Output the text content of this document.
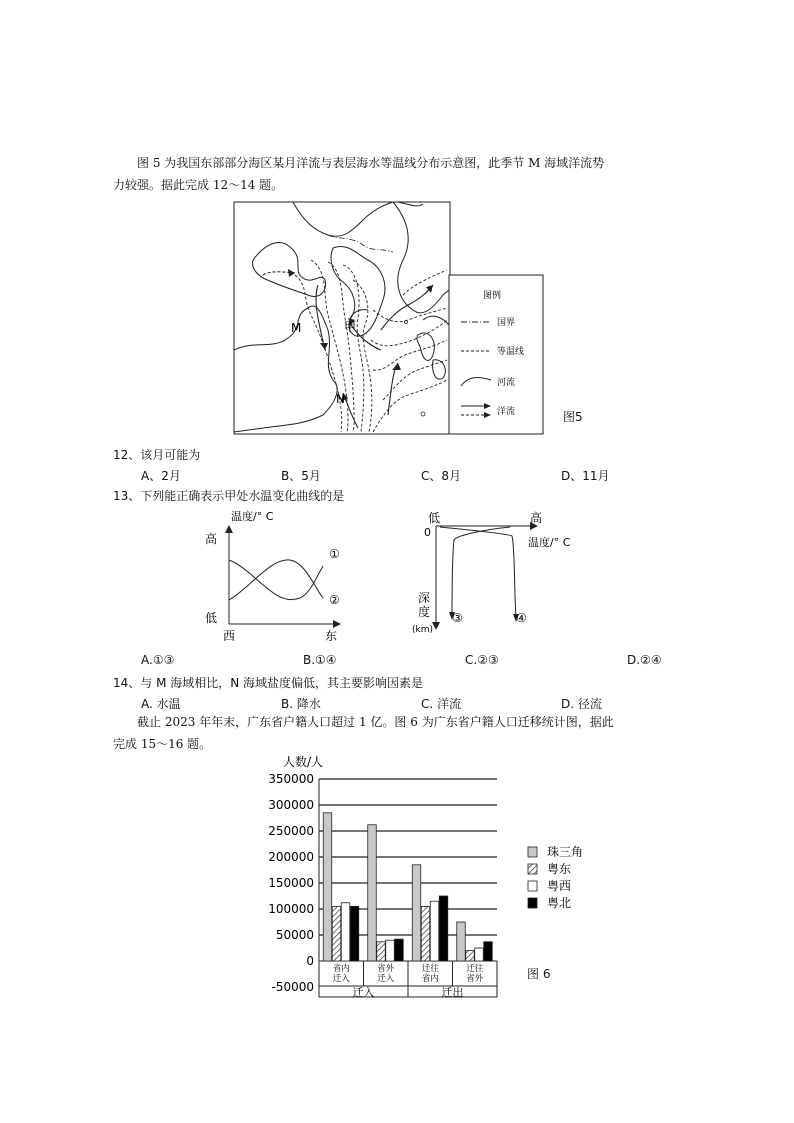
图 5 为我国东部部分海区某月洋流与表层海水等温线分布示意图，此季节 M 海域洋流势
力较强。据此完成 12～14 题。
M
N
甲
图例
国界
等温线
河流
洋流	图5
12、该月可能为
A、2月	B、5月	C、8月	D、11月
13、下列能正确表示甲处水温变化曲线的是
温度/° C
高
低
①
②
西	东
低	高
0
温度/° C
深
度
(km)
③	④
A.①③	B.①④	C.②③	D.②④
14、与 M 海域相比，N 海域盐度偏低，其主要影响因素是
A. 水温	B. 降水	C. 洋流	D. 径流
截止 2023 年年末，广东省户籍人口超过 1 亿。图 6 为广东省户籍人口迁移统计图，据此
完成 15～16 题。
人数/人
350000
300000
250000
200000
150000
100000
50000
0
-50000
省内
迁入
省外
迁入
迁往
省内
迁往
省外
迁入	迁出
珠三角
粤东
粤西
粤北
图 6
